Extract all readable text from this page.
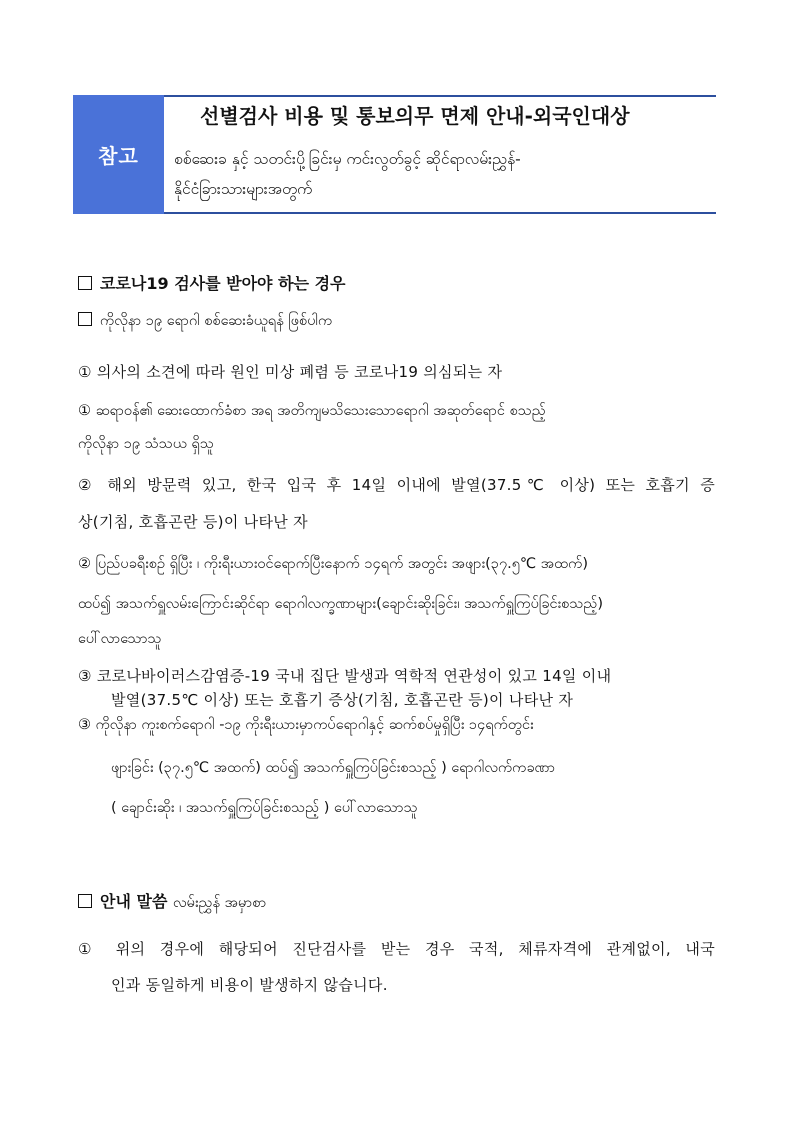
참고
선별검사 비용 및 통보의무 면제 안내-외국인대상
စစ်ဆေးခ နှင့် သတင်းပို့ခြင်းမှ ကင်းလွတ်ခွင့် ဆိုင်ရာလမ်းညွှန်-
နိုင်ငံခြားသားများအတွက်
코로나19 검사를 받아야 하는 경우
ကိုလိုနာ ၁၉ ရောဂါ စစ်ဆေးခံယူရန် ဖြစ်ပါက
① 의사의 소견에 따라 원인 미상 폐렴 등 코로나19 의심되는 자
① ဆရာဝန်၏ ဆေးထောက်ခံစာ အရ အတိကျမသိသေးသောရောဂါ အဆုတ်ရောင် စသည့်
ကိုလိုနာ ၁၉ သံသယ ရှိသူ
② 해외 방문력 있고, 한국 입국 후 14일 이내에 발열(37.5℃ 이상) 또는 호흡기 증
상(기침, 호흡곤란 등)이 나타난 자
② ပြည်ပခရီးစဉ် ရှိပြီး ၊ ကိုးရီးယားဝင်ရောက်ပြီးနောက် ၁၄ရက် အတွင်း အဖျား(၃၇.၅℃ အထက်)
ထပ်၍ အသက်ရှူလမ်းကြောင်းဆိုင်ရာ ရောဂါလက္ခဏာများ(ချောင်းဆိုးခြင်း၊ အသက်ရှူကြပ်ခြင်းစသည့်)
ပေါ်လာသောသူ
③ 코로나바이러스감염증-19 국내 집단 발생과 역학적 연관성이 있고 14일 이내
발열(37.5℃ 이상) 또는 호흡기 증상(기침, 호흡곤란 등)이 나타난 자
③ ကိုလိုနာ ကူးစက်ရောဂါ -၁၉ ကိုးရီးယားမှာကပ်ရောဂါနှင့် ဆက်စပ်မှုရှိပြီး ၁၄ရက်တွင်း
ဖျားခြင်း (၃၇.၅℃ အထက်) ထပ်၍ အသက်ရှူကြပ်ခြင်းစသည့် ) ရောဂါလက်ကခဏာ
( ချောင်းဆိုး ၊ အသက်ရှူကြပ်ခြင်းစသည့် ) ပေါ်လာသောသူ
안내 말씀 လမ်းညွှန် အမှာစာ
① 위의 경우에 해당되어 진단검사를 받는 경우 국적, 체류자격에 관계없이, 내국
인과 동일하게 비용이 발생하지 않습니다.
